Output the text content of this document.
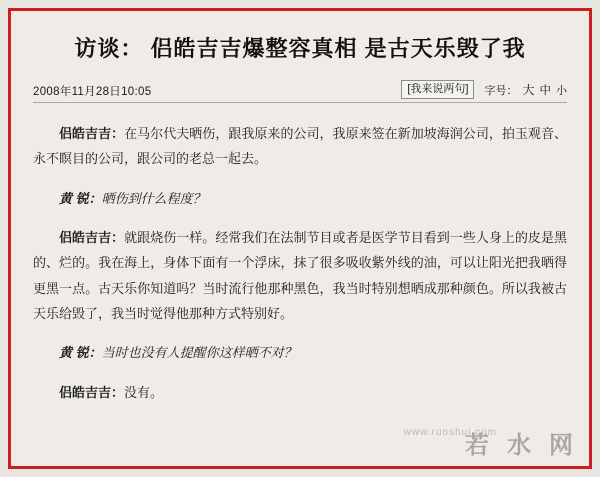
访谈： 侣皓吉吉爆整容真相 是古天乐毁了我
2008年11月28日10:05	[我来说两句]	字号： 大 中 小

侣皓吉吉：在马尔代夫晒伤，跟我原来的公司，我原来签在新加坡海润公司，拍玉观音、永不瞑目的公司，跟公司的老总一起去。

黄 锐：晒伤到什么程度？

侣皓吉吉：就跟烧伤一样。经常我们在法制节目或者是医学节目看到一些人身上的皮是黑的、烂的。我在海上，身体下面有一个浮床，抹了很多吸收紫外线的油，可以让阳光把我晒得更黑一点。古天乐你知道吗？当时流行他那种黑色，我当时特别想晒成那种颜色。所以我被古天乐给毁了，我当时觉得他那种方式特别好。

黄 锐：当时也没有人提醒你这样晒不对？

侣皓吉吉：没有。

www.ruoshui.com
若 水 网
